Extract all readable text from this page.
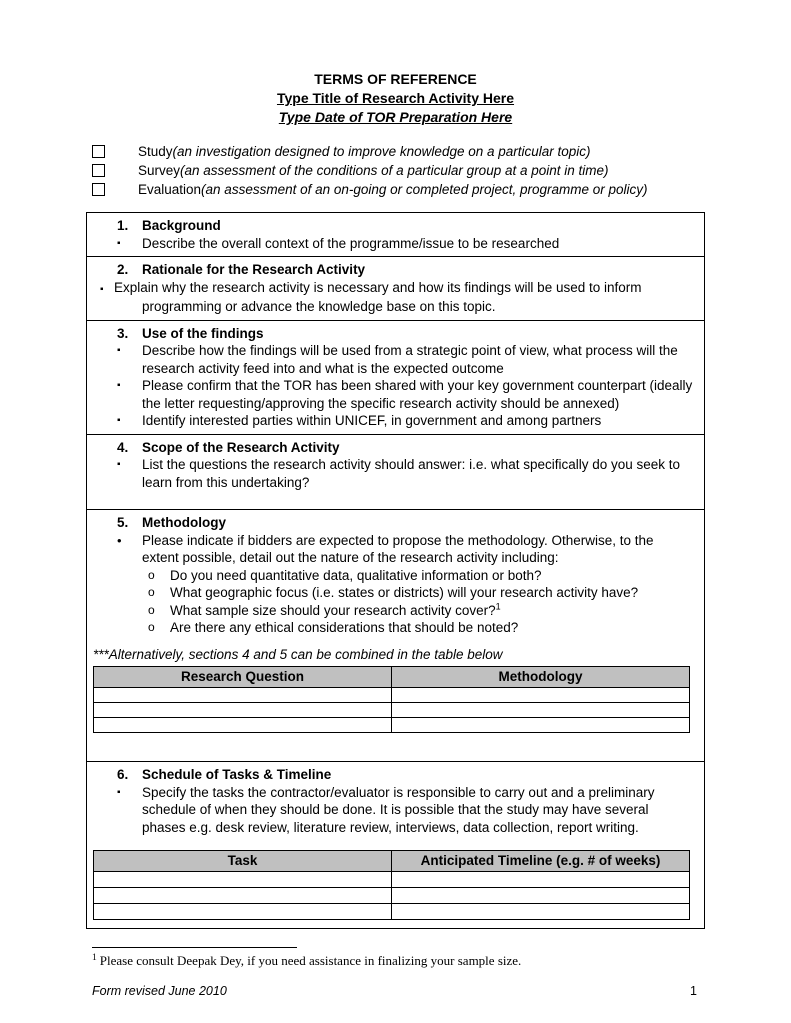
TERMS OF REFERENCE
Type Title of Research Activity Here
Type Date of TOR Preparation Here
Study(an investigation designed to improve knowledge on a particular topic)
Survey(an assessment of the conditions of a particular group at a point in time)
Evaluation(an assessment of an on-going or completed project, programme or policy)
1. Background
▪ Describe the overall context of the programme/issue to be researched
2. Rationale for the Research Activity
▪ Explain why the research activity is necessary and how its findings will be used to inform programming or advance the knowledge base on this topic.
3. Use of the findings
▪ Describe how the findings will be used from a strategic point of view, what process will the research activity feed into and what is the expected outcome
▪ Please confirm that the TOR has been shared with your key government counterpart (ideally the letter requesting/approving the specific research activity should be annexed)
▪ Identify interested parties within UNICEF, in government and among partners
4. Scope of the Research Activity
▪ List the questions the research activity should answer: i.e. what specifically do you seek to learn from this undertaking?
5. Methodology
• Please indicate if bidders are expected to propose the methodology. Otherwise, to the extent possible, detail out the nature of the research activity including:
o Do you need quantitative data, qualitative information or both?
o What geographic focus (i.e. states or districts) will your research activity have?
o What sample size should your research activity cover?$^1$
o Are there any ethical considerations that should be noted?
***Alternatively, sections 4 and 5 can be combined in the table below
Research Question	Methodology

6. Schedule of Tasks & Timeline
▪ Specify the tasks the contractor/evaluator is responsible to carry out and a preliminary schedule of when they should be done. It is possible that the study may have several phases e.g. desk review, literature review, interviews, data collection, report writing.
Task	Anticipated Timeline (e.g. # of weeks)

$^1$ Please consult Deepak Dey, if you need assistance in finalizing your sample size.
Form revised June 2010	1
